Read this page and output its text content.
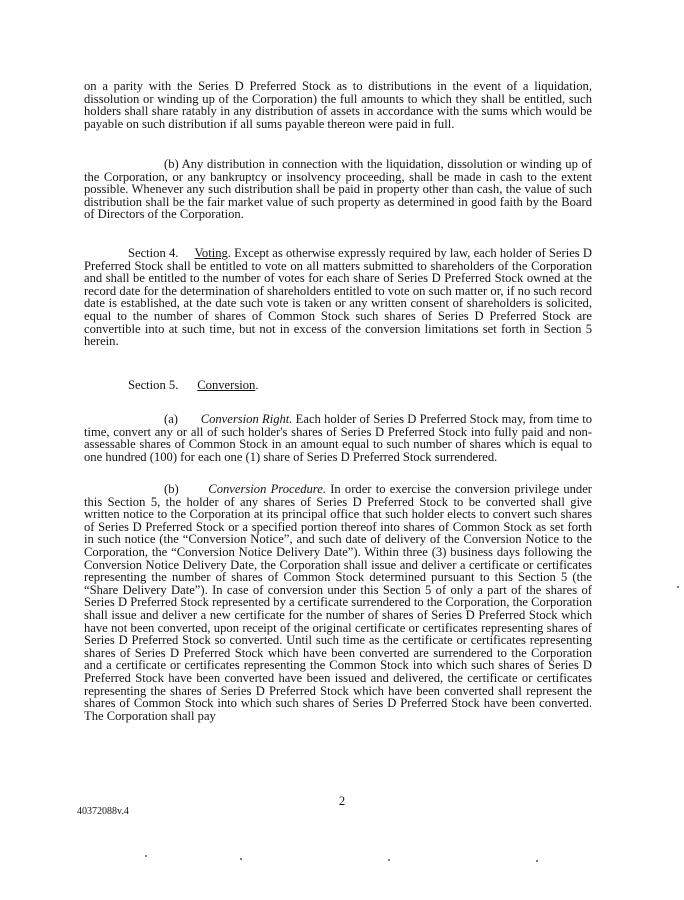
on a parity with the Series D Preferred Stock as to distributions in the event of a liquidation, dissolution or winding up of the Corporation) the full amounts to which they shall be entitled, such holders shall share ratably in any distribution of assets in accordance with the sums which would be payable on such distribution if all sums payable thereon were paid in full.

(b) Any distribution in connection with the liquidation, dissolution or winding up of the Corporation, or any bankruptcy or insolvency proceeding, shall be made in cash to the extent possible. Whenever any such distribution shall be paid in property other than cash, the value of such distribution shall be the fair market value of such property as determined in good faith by the Board of Directors of the Corporation.

Section 4. Voting. Except as otherwise expressly required by law, each holder of Series D Preferred Stock shall be entitled to vote on all matters submitted to shareholders of the Corporation and shall be entitled to the number of votes for each share of Series D Preferred Stock owned at the record date for the determination of shareholders entitled to vote on such matter or, if no such record date is established, at the date such vote is taken or any written consent of shareholders is solicited, equal to the number of shares of Common Stock such shares of Series D Preferred Stock are convertible into at such time, but not in excess of the conversion limitations set forth in Section 5 herein.

Section 5. Conversion.

(a) Conversion Right. Each holder of Series D Preferred Stock may, from time to time, convert any or all of such holder's shares of Series D Preferred Stock into fully paid and non-assessable shares of Common Stock in an amount equal to such number of shares which is equal to one hundred (100) for each one (1) share of Series D Preferred Stock surrendered.

(b) Conversion Procedure. In order to exercise the conversion privilege under this Section 5, the holder of any shares of Series D Preferred Stock to be converted shall give written notice to the Corporation at its principal office that such holder elects to convert such shares of Series D Preferred Stock or a specified portion thereof into shares of Common Stock as set forth in such notice (the “Conversion Notice”, and such date of delivery of the Conversion Notice to the Corporation, the “Conversion Notice Delivery Date”). Within three (3) business days following the Conversion Notice Delivery Date, the Corporation shall issue and deliver a certificate or certificates representing the number of shares of Common Stock determined pursuant to this Section 5 (the “Share Delivery Date”). In case of conversion under this Section 5 of only a part of the shares of Series D Preferred Stock represented by a certificate surrendered to the Corporation, the Corporation shall issue and deliver a new certificate for the number of shares of Series D Preferred Stock which have not been converted, upon receipt of the original certificate or certificates representing shares of Series D Preferred Stock so converted. Until such time as the certificate or certificates representing shares of Series D Preferred Stock which have been converted are surrendered to the Corporation and a certificate or certificates representing the Common Stock into which such shares of Series D Preferred Stock have been converted have been issued and delivered, the certificate or certificates representing the shares of Series D Preferred Stock which have been converted shall represent the shares of Common Stock into which such shares of Series D Preferred Stock have been converted. The Corporation shall pay

2
40372088v.4
